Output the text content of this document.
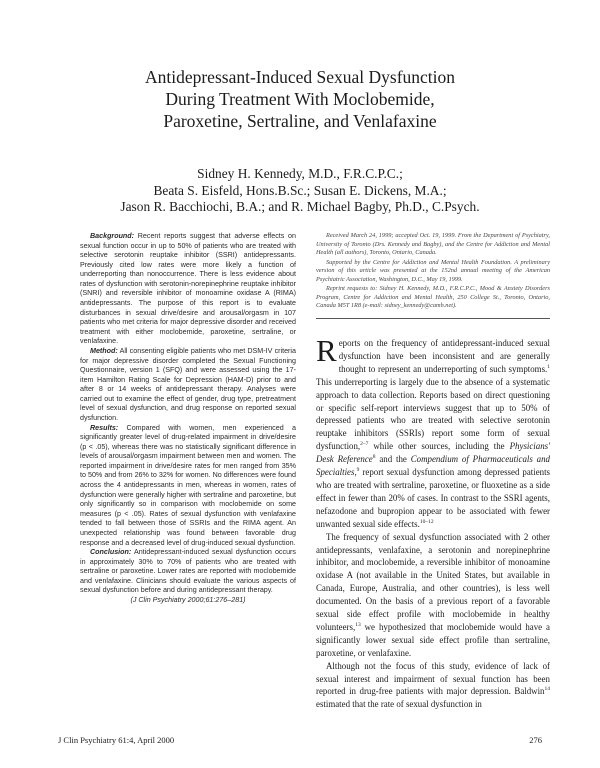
Antidepressant-Induced Sexual Dysfunction
During Treatment With Moclobemide,
Paroxetine, Sertraline, and Venlafaxine
Sidney H. Kennedy, M.D., F.R.C.P.C.;
Beata S. Eisfeld, Hons.B.Sc.; Susan E. Dickens, M.A.;
Jason R. Bacchiochi, B.A.; and R. Michael Bagby, Ph.D., C.Psych.

Background: Recent reports suggest that adverse effects on sexual function occur in up to 50% of patients who are treated with selective serotonin reuptake inhibitor (SSRI) antidepressants. Previously cited low rates were more likely a function of underreporting than nonoccurrence. There is less evidence about rates of dysfunction with serotonin-norepinephrine reuptake inhibitor (SNRI) and reversible inhibitor of monoamine oxidase A (RIMA) antidepressants. The purpose of this report is to evaluate disturbances in sexual drive/desire and arousal/orgasm in 107 patients who met criteria for major depressive disorder and received treatment with either moclobemide, paroxetine, sertraline, or venlafaxine.

Method: All consenting eligible patients who met DSM-IV criteria for major depressive disorder completed the Sexual Functioning Questionnaire, version 1 (SFQ) and were assessed using the 17-item Hamilton Rating Scale for Depression (HAM-D) prior to and after 8 or 14 weeks of antidepressant therapy. Analyses were carried out to examine the effect of gender, drug type, pretreatment level of sexual dysfunction, and drug response on reported sexual dysfunction.

Results: Compared with women, men experienced a significantly greater level of drug-related impairment in drive/desire (p < .05), whereas there was no statistically significant difference in levels of arousal/orgasm impairment between men and women. The reported impairment in drive/desire rates for men ranged from 35% to 50% and from 26% to 32% for women. No differences were found across the 4 antidepressants in men, whereas in women, rates of dysfunction were generally higher with sertraline and paroxetine, but only significantly so in comparison with moclobemide on some measures (p < .05). Rates of sexual dysfunction with venlafaxine tended to fall between those of SSRIs and the RIMA agent. An unexpected relationship was found between favorable drug response and a decreased level of drug-induced sexual dysfunction.

Conclusion: Antidepressant-induced sexual dysfunction occurs in approximately 30% to 70% of patients who are treated with sertraline or paroxetine. Lower rates are reported with moclobemide and venlafaxine. Clinicians should evaluate the various aspects of sexual dysfunction before and during antidepressant therapy.

(J Clin Psychiatry 2000;61:276–281)

Received March 24, 1999; accepted Oct. 19, 1999. From the Department of Psychiatry, University of Toronto (Drs. Kennedy and Bagby), and the Centre for Addiction and Mental Health (all authors), Toronto, Ontario, Canada.

Supported by the Centre for Addiction and Mental Health Foundation. A preliminary version of this article was presented at the 152nd annual meeting of the American Psychiatric Association, Washington, D.C., May 19, 1999.

Reprint requests to: Sidney H. Kennedy, M.D., F.R.C.P.C., Mood & Anxiety Disorders Program, Centre for Addiction and Mental Health, 250 College St., Toronto, Ontario, Canada M5T 1R8 (e-mail: sidney_kennedy@camh.net).

Reports on the frequency of antidepressant-induced sexual dysfunction have been inconsistent and are generally thought to represent an underreporting of such symptoms.$^1$ This underreporting is largely due to the absence of a systematic approach to data collection. Reports based on direct questioning or specific self-report interviews suggest that up to 50% of depressed patients who are treated with selective serotonin reuptake inhibitors (SSRIs) report some form of sexual dysfunction,$^{2-7}$ while other sources, including the Physicians' Desk Reference$^8$ and the Compendium of Pharmaceuticals and Specialties,$^9$ report sexual dysfunction among depressed patients who are treated with sertraline, paroxetine, or fluoxetine as a side effect in fewer than 20% of cases. In contrast to the SSRI agents, nefazodone and bupropion appear to be associated with fewer unwanted sexual side effects.$^{10-12}$

The frequency of sexual dysfunction associated with 2 other antidepressants, venlafaxine, a serotonin and norepinephrine inhibitor, and moclobemide, a reversible inhibitor of monoamine oxidase A (not available in the United States, but available in Canada, Europe, Australia, and other countries), is less well documented. On the basis of a previous report of a favorable sexual side effect profile with moclobemide in healthy volunteers,$^{13}$ we hypothesized that moclobemide would have a significantly lower sexual side effect profile than sertraline, paroxetine, or venlafaxine.

Although not the focus of this study, evidence of lack of sexual interest and impairment of sexual function has been reported in drug-free patients with major depression. Baldwin$^{14}$ estimated that the rate of sexual dysfunction in

J Clin Psychiatry 61:4, April 2000	276
